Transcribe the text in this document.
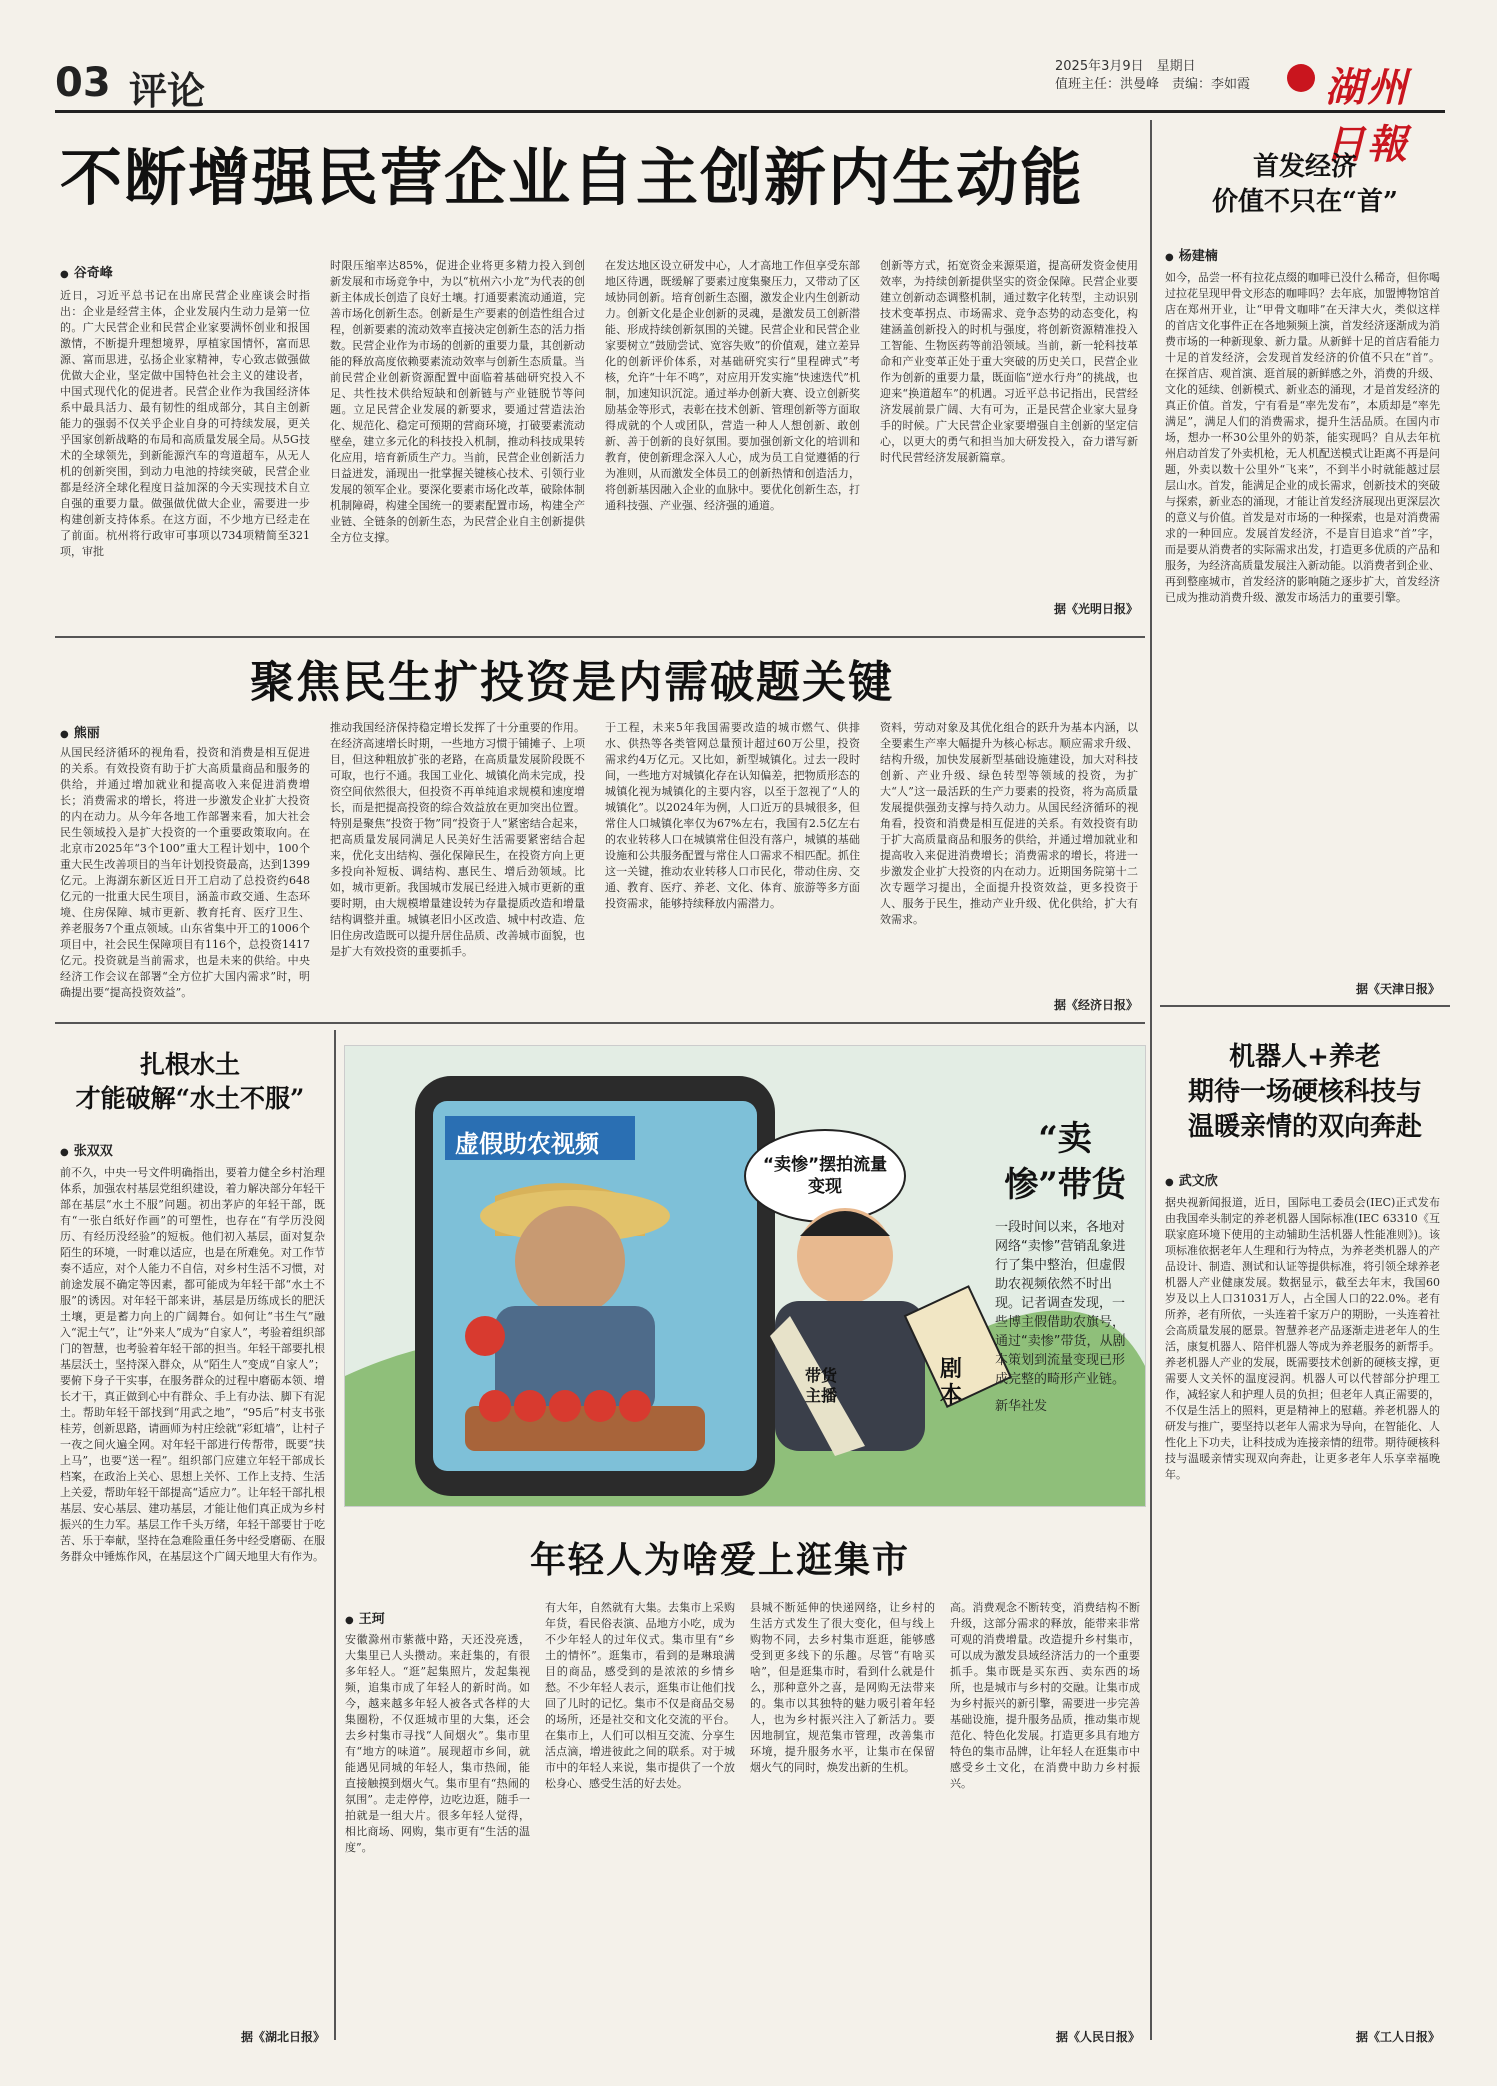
03 评论
2025年3月9日　星期日
值班主任：洪曼峰　责编：李如霞 湖州日報
不断增强民营企业自主创新内生动能
● 谷奇峰
近日，习近平总书记在出席民营企业座谈会时指出：企业是经营主体，企业发展内生动力是第一位的。广大民营企业和民营企业家要满怀创业和报国激情，不断提升理想境界，厚植家国情怀，富而思源、富而思进，弘扬企业家精神，专心致志做强做优做大企业，坚定做中国特色社会主义的建设者，中国式现代化的促进者。民营企业作为我国经济体系中最具活力、最有韧性的组成部分，其自主创新能力的强弱不仅关乎企业自身的可持续发展，更关乎国家创新战略的布局和高质量发展全局。从5G技术的全球领先，到新能源汽车的弯道超车，从无人机的创新突围，到动力电池的持续突破，民营企业都是经济全球化程度日益加深的今天实现技术自立自强的重要力量。做强做优做大企业，需要进一步构建创新支持体系。在这方面，不少地方已经走在了前面。杭州将行政审可事项以734项精简至321项，审批
时限压缩率达85%，促进企业将更多精力投入到创新发展和市场竞争中，为以“杭州六小龙”为代表的创新主体成长创造了良好土壤。打通要素流动通道，完善市场化创新生态。创新是生产要素的创造性组合过程，创新要素的流动效率直接决定创新生态的活力指数。民营企业作为市场的创新的重要力量，其创新动能的释放高度依赖要素流动效率与创新生态质量。当前民营企业创新资源配置中面临着基础研究投入不足、共性技术供给短缺和创新链与产业链脱节等问题。立足民营企业发展的新要求，要通过营造法治化、规范化、稳定可预期的营商环境，打破要素流动壁垒，建立多元化的科技投入机制，推动科技成果转化应用，培育新质生产力。当前，民营企业创新活力日益迸发，涌现出一批掌握关键核心技术、引领行业发展的领军企业。要深化要素市场化改革，破除体制机制障碍，构建全国统一的要素配置市场，构建全产业链、全链条的创新生态，为民营企业自主创新提供全方位支撑。
在发达地区设立研发中心，人才高地工作但享受东部地区待遇，既缓解了要素过度集聚压力，又带动了区域协同创新。培育创新生态圈，激发企业内生创新动力。创新文化是企业创新的灵魂，是激发员工创新潜能、形成持续创新氛围的关键。民营企业和民营企业家要树立“鼓励尝试、宽容失败”的价值观，建立差异化的创新评价体系，对基础研究实行“里程碑式”考核，允许“十年不鸣”，对应用开发实施“快速迭代”机制，加速知识沉淀。通过举办创新大赛、设立创新奖励基金等形式，表彰在技术创新、管理创新等方面取得成就的个人或团队，营造一种人人想创新、敢创新、善于创新的良好氛围。要加强创新文化的培训和教育，使创新理念深入人心，成为员工自觉遵循的行为准则，从而激发全体员工的创新热情和创造活力，将创新基因融入企业的血脉中。要优化创新生态，打通科技强、产业强、经济强的通道。
创新等方式，拓宽资金来源渠道，提高研发资金使用效率，为持续创新提供坚实的资金保障。民营企业要建立创新动态调整机制，通过数字化转型，主动识别技术变革拐点、市场需求、竞争态势的动态变化，构建涵盖创新投入的时机与强度，将创新资源精准投入工智能、生物医药等前沿领域。当前，新一轮科技革命和产业变革正处于重大突破的历史关口，民营企业作为创新的重要力量，既面临“逆水行舟”的挑战，也迎来“换道超车”的机遇。习近平总书记指出，民营经济发展前景广阔、大有可为，正是民营企业家大显身手的时候。广大民营企业家要增强自主创新的坚定信心，以更大的勇气和担当加大研发投入，奋力谱写新时代民营经济发展新篇章。
据《光明日报》
聚焦民生扩投资是内需破题关键
● 熊丽
从国民经济循环的视角看，投资和消费是相互促进的关系。有效投资有助于扩大高质量商品和服务的供给，并通过增加就业和提高收入来促进消费增长；消费需求的增长，将进一步激发企业扩大投资的内在动力。从今年各地工作部署来看，加大社会民生领域投入是扩大投资的一个重要政策取向。在北京市2025年“3个100”重大工程计划中，100个重大民生改善项目的当年计划投资最高，达到1399亿元。上海湖东新区近日开工启动了总投资约648亿元的一批重大民生项目，涵盖市政交通、生态环境、住房保障、城市更新、教育托育、医疗卫生、养老服务7个重点领域。山东省集中开工的1006个项目中，社会民生保障项目有116个，总投资1417亿元。投资就是当前需求，也是未来的供给。中央经济工作会议在部署“全方位扩大国内需求”时，明确提出要“提高投资效益”。
推动我国经济保持稳定增长发挥了十分重要的作用。在经济高速增长时期，一些地方习惯于铺摊子、上项目，但这种粗放扩张的老路，在高质量发展阶段既不可取，也行不通。我国工业化、城镇化尚未完成，投资空间依然很大，但投资不再单纯追求规模和速度增长，而是把提高投资的综合效益放在更加突出位置。特别是聚焦“投资于物”同“投资于人”紧密结合起来，把高质量发展同满足人民美好生活需要紧密结合起来，优化支出结构、强化保障民生，在投资方向上更多投向补短板、调结构、惠民生、增后劲领域。比如，城市更新。我国城市发展已经进入城市更新的重要时期，由大规模增量建设转为存量提质改造和增量结构调整并重。城镇老旧小区改造、城中村改造、危旧住房改造既可以提升居住品质、改善城市面貌，也是扩大有效投资的重要抓手。
于工程，未来5年我国需要改造的城市燃气、供排水、供热等各类管网总量预计超过60万公里，投资需求约4万亿元。又比如，新型城镇化。过去一段时间，一些地方对城镇化存在认知偏差，把物质形态的城镇化视为城镇化的主要内容，以至于忽视了“人的城镇化”。以2024年为例，人口近万的县城很多，但常住人口城镇化率仅为67%左右，我国有2.5亿左右的农业转移人口在城镇常住但没有落户，城镇的基础设施和公共服务配置与常住人口需求不相匹配。抓住这一关键，推动农业转移人口市民化，带动住房、交通、教育、医疗、养老、文化、体育、旅游等多方面投资需求，能够持续释放内需潜力。
资料，劳动对象及其优化组合的跃升为基本内涵，以全要素生产率大幅提升为核心标志。顺应需求升级、结构升级，加快发展新型基础设施建设，加大对科技创新、产业升级、绿色转型等领域的投资，为扩大“人”这一最活跃的生产力要素的投资，将为高质量发展提供强劲支撑与持久动力。从国民经济循环的视角看，投资和消费是相互促进的关系。有效投资有助于扩大高质量商品和服务的供给，并通过增加就业和提高收入来促进消费增长；消费需求的增长，将进一步激发企业扩大投资的内在动力。近期国务院第十二次专题学习提出，全面提升投资效益，更多投资于人、服务于民生，推动产业升级、优化供给，扩大有效需求。
据《经济日报》
首发经济
价值不只在“首”
● 杨建楠
如今，品尝一杯有拉花点缀的咖啡已没什么稀奇，但你喝过拉花呈现甲骨文形态的咖啡吗？去年底，加盟博物馆首店在郑州开业，让“甲骨文咖啡”在天津大火，类似这样的首店文化事件正在各地频频上演，首发经济逐渐成为消费市场的一种新现象、新力量。从新鲜十足的首店看能力十足的首发经济，会发现首发经济的价值不只在“首”。在探首店、观首演、逛首展的新鲜感之外，消费的升级、文化的延续、创新模式、新业态的涌现，才是首发经济的真正价值。首发，宁有看是“率先发布”，本质却是“率先满足”，满足人们的消费需求，提升生活品质。在国内市场，想办一杯30公里外的奶茶，能实现吗？自从去年杭州启动首发了外卖机枪，无人机配送模式让距离不再是问题，外卖以数十公里外“飞来”，不到半小时就能越过层层山水。首发，能满足企业的成长需求，创新技术的突破与探索，新业态的涌现，才能让首发经济展现出更深层次的意义与价值。首发是对市场的一种探索，也是对消费需求的一种回应。发展首发经济，不是盲目追求“首”字，而是要从消费者的实际需求出发，打造更多优质的产品和服务，为经济高质量发展注入新动能。以消费者到企业、再到整座城市，首发经济的影响随之逐步扩大，首发经济已成为推动消费升级、激发市场活力的重要引擎。
据《天津日报》
机器人+养老
期待一场硬核科技与
温暖亲情的双向奔赴
● 武文欣
据央视新闻报道，近日，国际电工委员会(IEC)正式发布由我国牵头制定的养老机器人国际标准(IEC 63310《互联家庭环境下使用的主动辅助生活机器人性能准则》)。该项标准依据老年人生理和行为特点，为养老类机器人的产品设计、制造、测试和认证等提供标准，将引领全球养老机器人产业健康发展。数据显示，截至去年末，我国60岁及以上人口31031万人，占全国人口的22.0%。老有所养，老有所依，一头连着千家万户的期盼，一头连着社会高质量发展的愿景。智慧养老产品逐渐走进老年人的生活，康复机器人、陪伴机器人等成为养老服务的新帮手。养老机器人产业的发展，既需要技术创新的硬核支撑，更需要人文关怀的温度浸润。机器人可以代替部分护理工作，减轻家人和护理人员的负担；但老年人真正需要的，不仅是生活上的照料，更是精神上的慰藉。养老机器人的研发与推广，要坚持以老年人需求为导向，在智能化、人性化上下功夫，让科技成为连接亲情的纽带。期待硬核科技与温暖亲情实现双向奔赴，让更多老年人乐享幸福晚年。
据《工人日报》
扎根水土
才能破解“水土不服”
● 张双双
前不久，中央一号文件明确指出，要着力健全乡村治理体系，加强农村基层党组织建设，着力解决部分年轻干部在基层“水土不服”问题。初出茅庐的年轻干部，既有“一张白纸好作画”的可塑性，也存在“有学历没阅历、有经历没经验”的短板。他们初入基层，面对复杂陌生的环境，一时难以适应，也是在所难免。对工作节奏不适应，对个人能力不自信，对乡村生活不习惯，对前途发展不确定等因素，都可能成为年轻干部“水土不服”的诱因。对年轻干部来讲，基层是历练成长的肥沃土壤，更是蓄力向上的广阔舞台。如何让“书生气”融入“泥土气”，让“外来人”成为“自家人”，考验着组织部门的智慧，也考验着年轻干部的担当。年轻干部要扎根基层沃土，坚持深入群众，从“陌生人”变成“自家人”；要俯下身子干实事，在服务群众的过程中磨砺本领、增长才干，真正做到心中有群众、手上有办法、脚下有泥土。帮助年轻干部找到“用武之地”，“95后”村支书张桂芳，创新思路，请画师为村庄绘就“彩虹墙”，让村子一夜之间火遍全网。对年轻干部进行传帮带，既要“扶上马”，也要“送一程”。组织部门应建立年轻干部成长档案，在政治上关心、思想上关怀、工作上支持、生活上关爱，帮助年轻干部提高“适应力”。让年轻干部扎根基层、安心基层、建功基层，才能让他们真正成为乡村振兴的生力军。基层工作千头万绪，年轻干部要甘于吃苦、乐于奉献，坚持在急难险重任务中经受磨砺、在服务群众中锤炼作风，在基层这个广阔天地里大有作为。
据《湖北日报》
虚假助农视频
“卖惨”摆拍流量变现
带货主播
剧本
“卖惨”带货
一段时间以来，各地对网络“卖惨”营销乱象进行了集中整治，但虚假助农视频依然不时出现。记者调查发现，一些博主假借助农旗号，通过“卖惨”带货，从剧本策划到流量变现已形成完整的畸形产业链。
新华社发
年轻人为啥爱上逛集市
● 王珂
安徽滁州市紫薇中路，天还没亮透，大集里已人头攒动。来赶集的，有很多年轻人。“逛”起集照片，发起集视频，追集市成了年轻人的新时尚。如今，越来越多年轻人被各式各样的大集圈粉，不仅逛城市里的大集，还会去乡村集市寻找“人间烟火”。集市里有“地方的味道”。展现超市乡间，就能遇见同城的年轻人，集市热闹，能直接触摸到烟火气。集市里有“热闹的氛围”。走走停停，边吃边逛，随手一拍就是一组大片。很多年轻人觉得，相比商场、网购，集市更有“生活的温度”。
有大年，自然就有大集。去集市上采购年货，看民俗表演、品地方小吃，成为不少年轻人的过年仪式。集市里有“乡土的情怀”。逛集市，看到的是琳琅满目的商品，感受到的是浓浓的乡情乡愁。不少年轻人表示，逛集市让他们找回了儿时的记忆。集市不仅是商品交易的场所，还是社交和文化交流的平台。在集市上，人们可以相互交流、分享生活点滴，增进彼此之间的联系。对于城市中的年轻人来说，集市提供了一个放松身心、感受生活的好去处。
县城不断延伸的快递网络，让乡村的生活方式发生了很大变化，但与线上购物不同，去乡村集市逛逛，能够感受到更多线下的乐趣。尽管“有啥买啥”，但是逛集市时，看到什么就是什么，那种意外之喜，是网购无法带来的。集市以其独特的魅力吸引着年轻人，也为乡村振兴注入了新活力。要因地制宜，规范集市管理，改善集市环境，提升服务水平，让集市在保留烟火气的同时，焕发出新的生机。
高。消费观念不断转变，消费结构不断升级，这部分需求的释放，能带来非常可观的消费增量。改造提升乡村集市，可以成为激发县域经济活力的一个重要抓手。集市既是买东西、卖东西的场所，也是城市与乡村的交融。让集市成为乡村振兴的新引擎，需要进一步完善基础设施，提升服务品质，推动集市规范化、特色化发展。打造更多具有地方特色的集市品牌，让年轻人在逛集市中感受乡土文化，在消费中助力乡村振兴。
据《人民日报》
